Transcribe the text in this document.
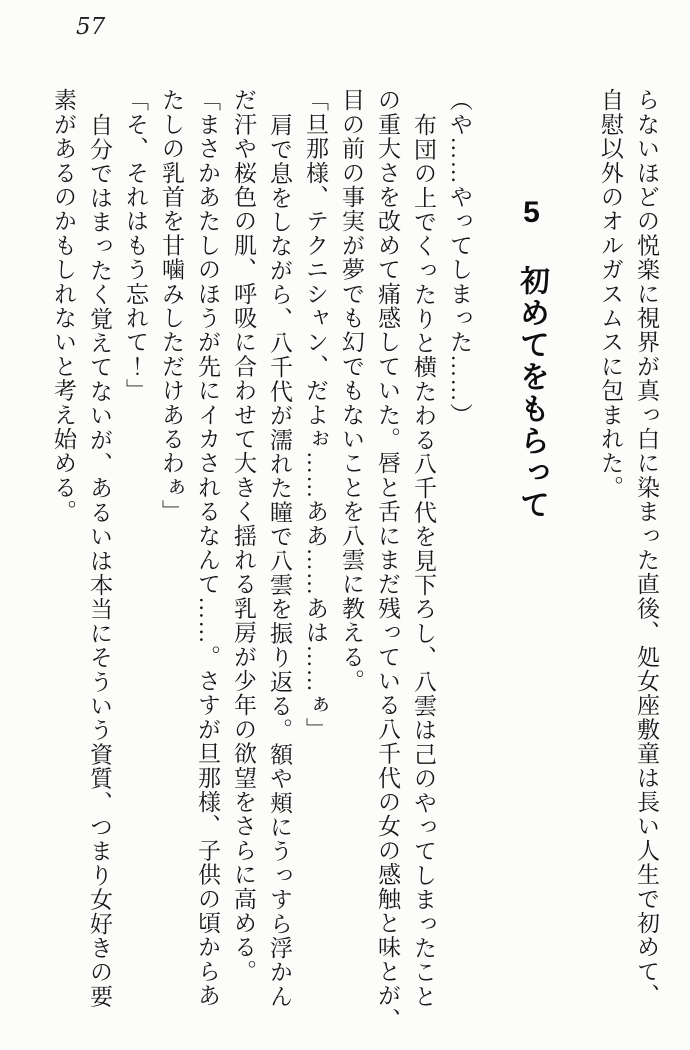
57

らないほどの悦楽に視界が真っ白に染まった直後、処女座敷童は長い人生で初めて、

自慰以外のオルガスムスに包まれた。

5初めてをもらって

（や……やってしまった……）

布団の上でくったりと横たわる八千代を見下ろし、八雲は己のやってしまったこと

の重大さを改めて痛感していた。唇と舌にまだ残っている八千代の女の感触と味とが、

目の前の事実が夢でも幻でもないことを八雲に教える。

「旦那様、テクニシャン、だよぉ……ああ……あは……ぁ」

肩で息をしながら、八千代が濡れた瞳で八雲を振り返る。額や頬にうっすら浮かん

だ汗や桜色の肌、呼吸に合わせて大きく揺れる乳房が少年の欲望をさらに高める。

「まさかあたしのほうが先にイカされるなんて……。さすが旦那様、子供の頃からあ

たしの乳首を甘噛みしただけあるわぁ」

「そ、それはもう忘れて！」

自分ではまったく覚えてないが、あるいは本当にそういう資質、つまり女好きの要

素があるのかもしれないと考え始める。
